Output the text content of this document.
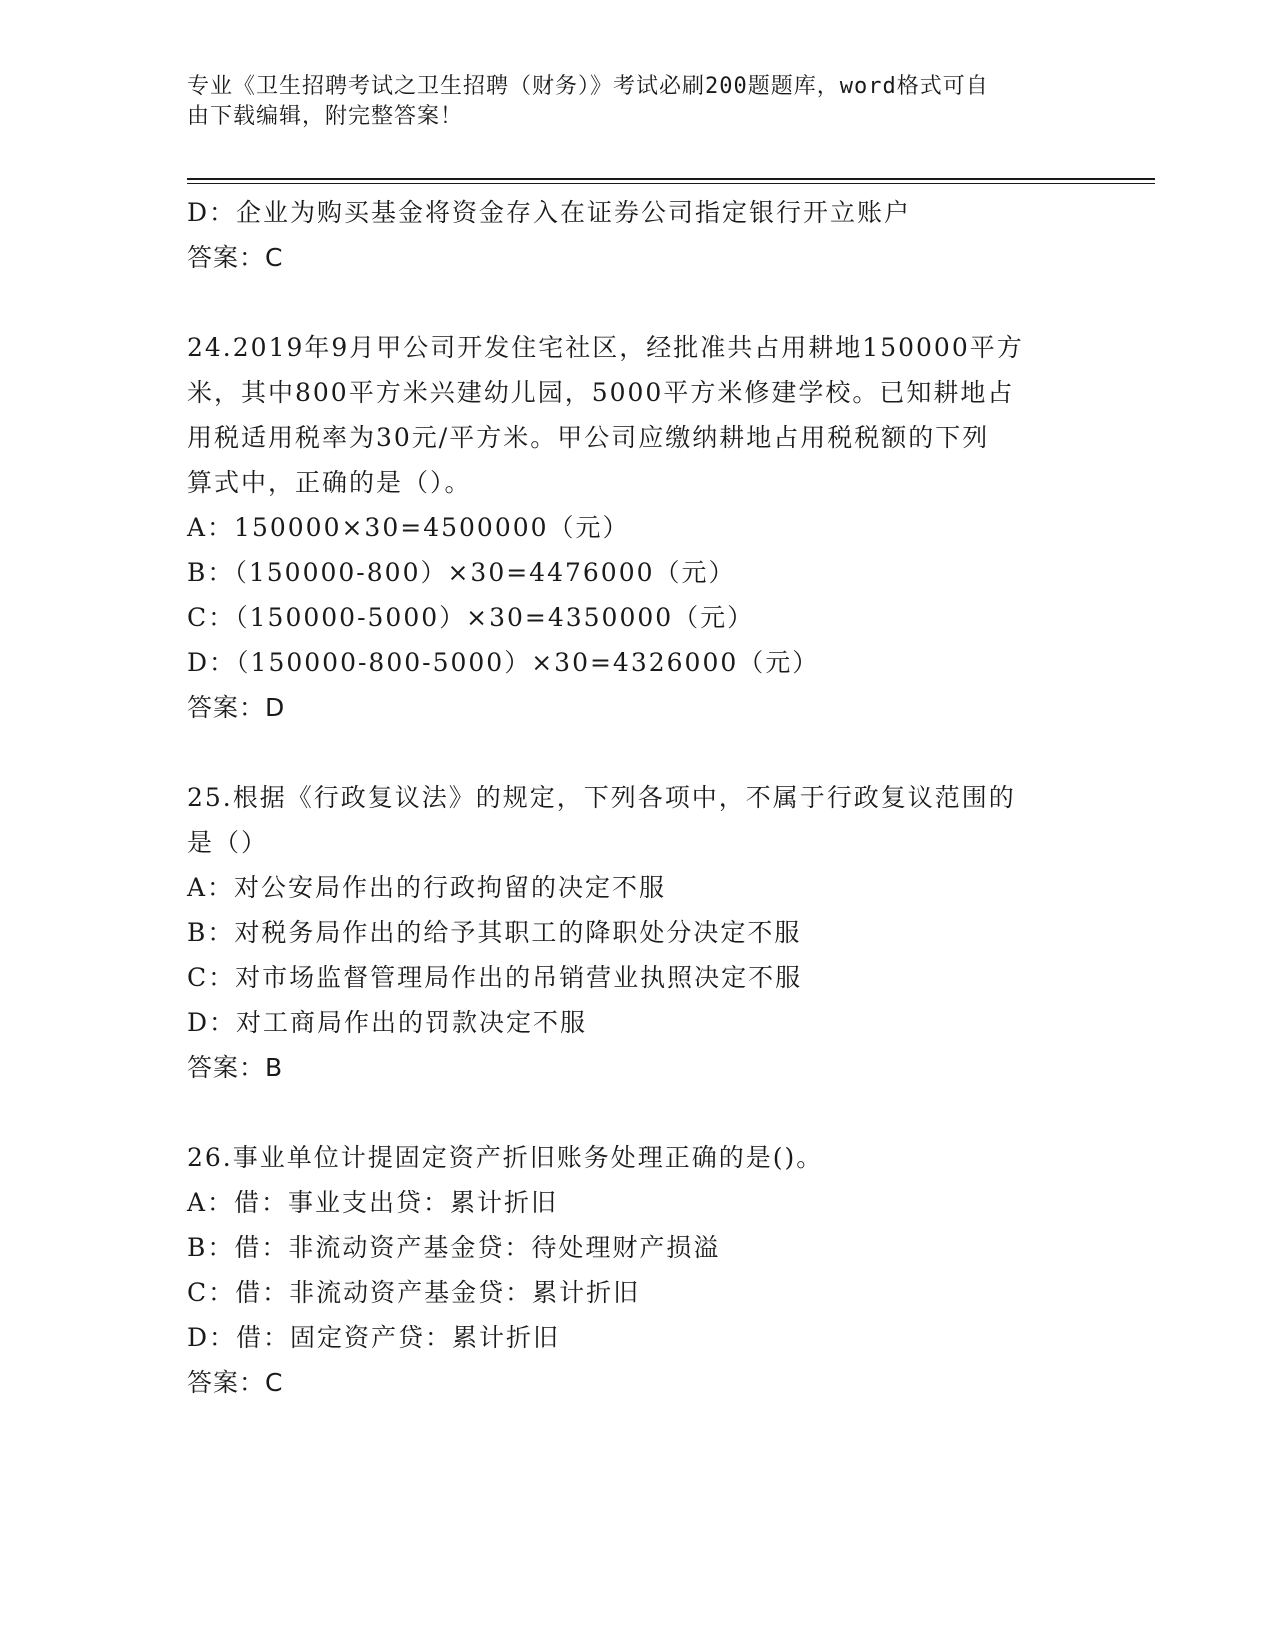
专业《卫生招聘考试之卫生招聘（财务）》考试必刷200题题库，word格式可自
由下载编辑，附完整答案！
D：企业为购买基金将资金存入在证券公司指定银行开立账户
答案：C
24.2019年9月甲公司开发住宅社区，经批准共占用耕地150000平方
米，其中800平方米兴建幼儿园，5000平方米修建学校。已知耕地占
用税适用税率为30元/平方米。甲公司应缴纳耕地占用税税额的下列
算式中，正确的是（）。
A：150000×30=4500000（元）
B：（150000-800）×30=4476000（元）
C：（150000-5000）×30=4350000（元）
D：（150000-800-5000）×30=4326000（元）
答案：D
25.根据《行政复议法》的规定，下列各项中，不属于行政复议范围的
是（）
A：对公安局作出的行政拘留的决定不服
B：对税务局作出的给予其职工的降职处分决定不服
C：对市场监督管理局作出的吊销营业执照决定不服
D：对工商局作出的罚款决定不服
答案：B
26.事业单位计提固定资产折旧账务处理正确的是()。
A：借：事业支出贷：累计折旧
B：借：非流动资产基金贷：待处理财产损溢
C：借：非流动资产基金贷：累计折旧
D：借：固定资产贷：累计折旧
答案：C
